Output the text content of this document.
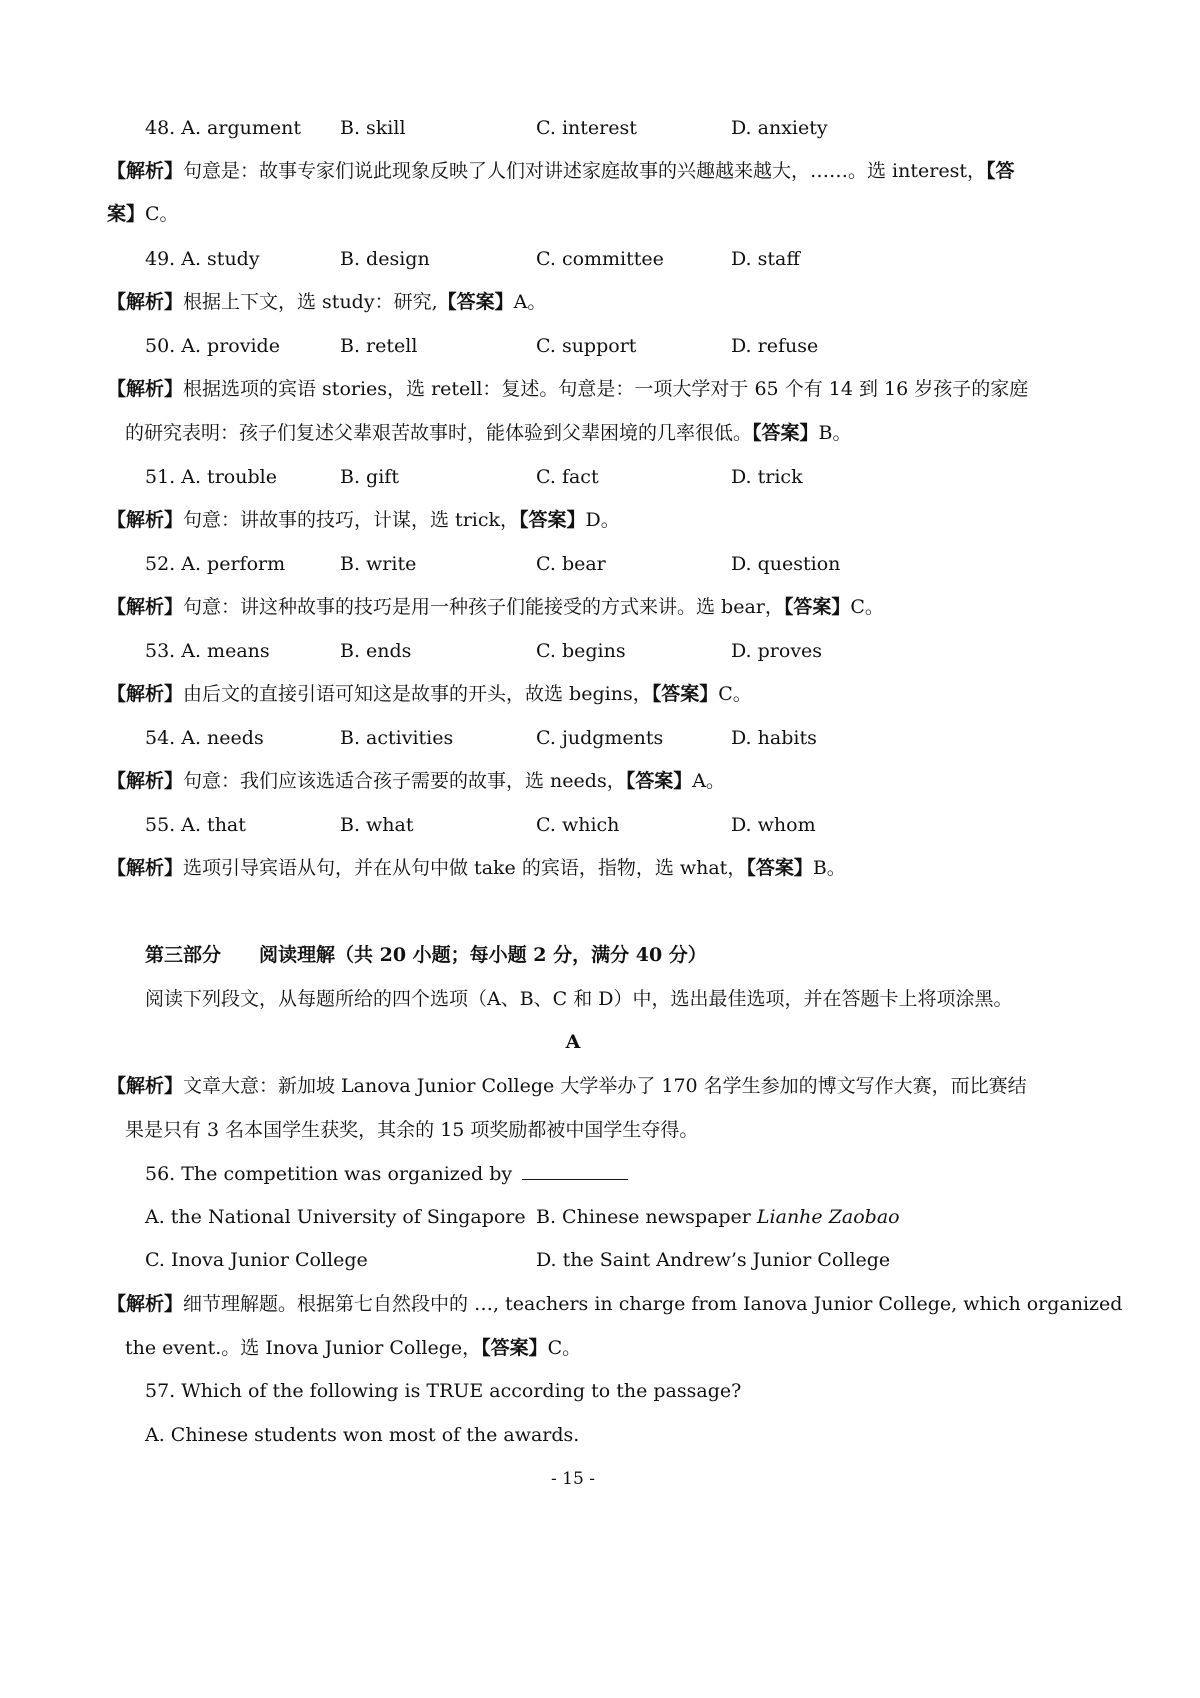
48. A. argument B. skill	C. interest	D. anxiety
【解析】句意是：故事专家们说此现象反映了人们对讲述家庭故事的兴趣越来越大，……。选 interest，【答
案】C。
49. A. study	B. design	C. committee	D. staff
【解析】根据上下文，选 study：研究,【答案】A。
50. A. provide	B. retell	C. support	D. refuse
【解析】根据选项的宾语 stories，选 retell：复述。句意是：一项大学对于 65 个有 14 到 16 岁孩子的家庭
的研究表明：孩子们复述父辈艰苦故事时，能体验到父辈困境的几率很低。【答案】B。
51. A. trouble	B. gift	C. fact	D. trick
【解析】句意：讲故事的技巧，计谋，选 trick，【答案】D。
52. A. perform	B. write	C. bear	D. question
【解析】句意：讲这种故事的技巧是用一种孩子们能接受的方式来讲。选 bear，【答案】C。
53. A. means	B. ends	C. begins	D. proves
【解析】由后文的直接引语可知这是故事的开头，故选 begins，【答案】C。
54. A. needs	B. activities	C. judgments	D. habits
【解析】句意：我们应该选适合孩子需要的故事，选 needs，【答案】A。
55. A. that	B. what	C. which	D. whom
【解析】选项引导宾语从句，并在从句中做 take 的宾语，指物，选 what，【答案】B。
第三部分　　阅读理解（共 20 小题；每小题 2 分，满分 40 分）
阅读下列段文，从每题所给的四个选项（A、B、C 和 D）中，选出最佳选项，并在答题卡上将项涂黑。
A
【解析】文章大意：新加坡 Lanova Junior College 大学举办了 170 名学生参加的博文写作大赛，而比赛结
果是只有 3 名本国学生获奖，其余的 15 项奖励都被中国学生夺得。
56. The competition was organized by
A. the National University of Singapore B. Chinese newspaper Lianhe Zaobao
C. Inova Junior College	D. the Saint Andrew’s Junior College
【解析】细节理解题。根据第七自然段中的 …, teachers in charge from Ianova Junior College, which organized
the event.。选 Inova Junior College，【答案】C。
57. Which of the following is TRUE according to the passage?
A. Chinese students won most of the awards.
- 15 -
